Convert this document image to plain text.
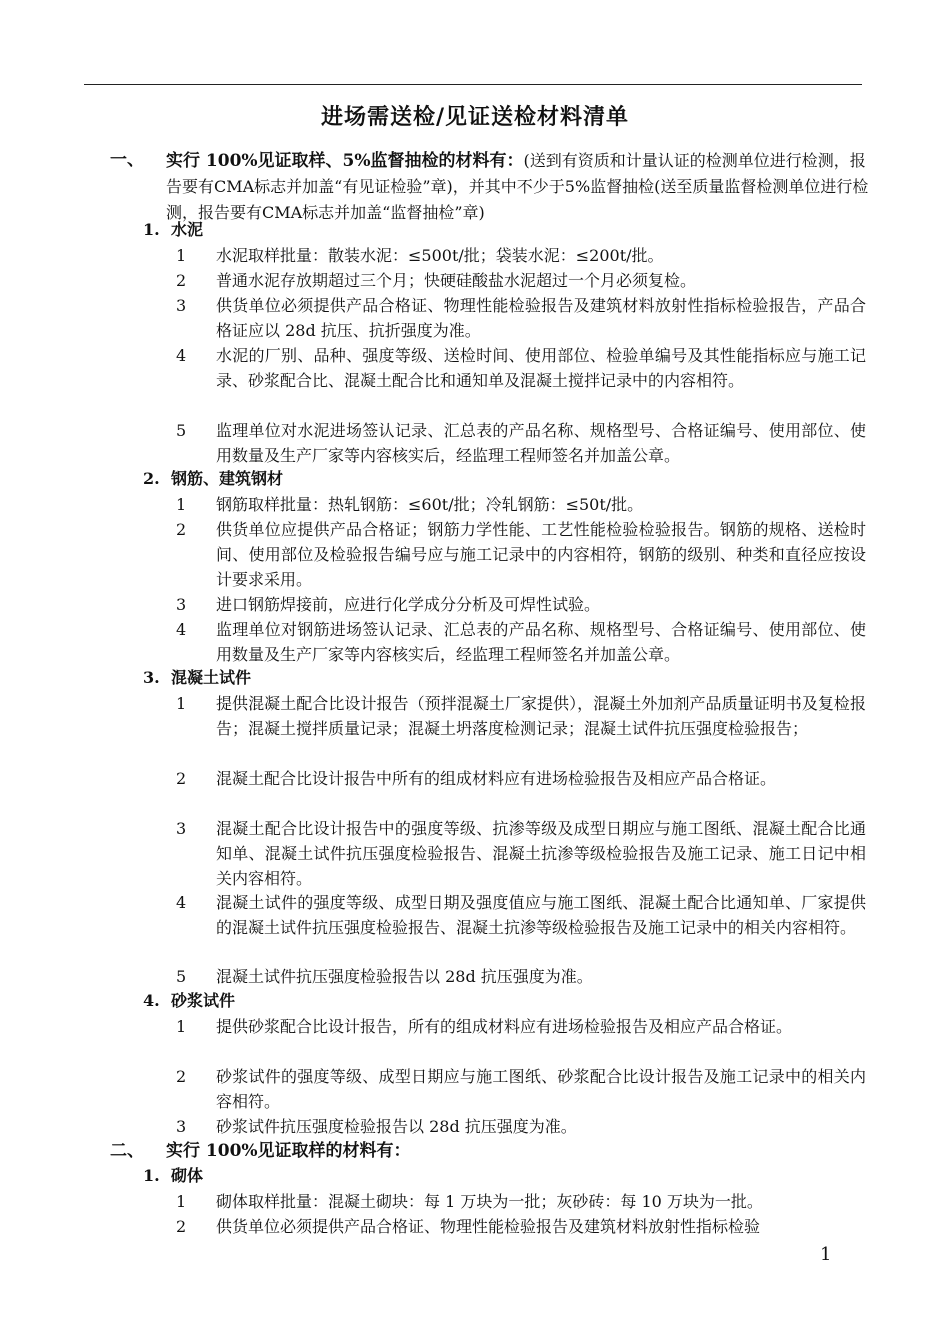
进场需送检/见证送检材料清单
一、 实行 100%见证取样、5%监督抽检的材料有：(送到有资质和计量认证的检测单位进行检测，报告要有CMA标志并加盖“有见证检验”章)，并其中不少于5%监督抽检(送至质量监督检测单位进行检测，报告要有CMA标志并加盖“监督抽检”章)
1. 水泥
1 水泥取样批量：散装水泥：≤500t/批；袋装水泥：≤200t/批。
2 普通水泥存放期超过三个月；快硬硅酸盐水泥超过一个月必须复检。
3 供货单位必须提供产品合格证、物理性能检验报告及建筑材料放射性指标检验报告，产品合格证应以 28d 抗压、抗折强度为准。
4 水泥的厂别、品种、强度等级、送检时间、使用部位、检验单编号及其性能指标应与施工记录、砂浆配合比、混凝土配合比和通知单及混凝土搅拌记录中的内容相符。
5 监理单位对水泥进场签认记录、汇总表的产品名称、规格型号、合格证编号、使用部位、使用数量及生产厂家等内容核实后，经监理工程师签名并加盖公章。
2. 钢筋、建筑钢材
1 钢筋取样批量：热轧钢筋：≤60t/批；冷轧钢筋：≤50t/批。
2 供货单位应提供产品合格证；钢筋力学性能、工艺性能检验检验报告。钢筋的规格、送检时间、使用部位及检验报告编号应与施工记录中的内容相符，钢筋的级别、种类和直径应按设计要求采用。
3 进口钢筋焊接前，应进行化学成分分析及可焊性试验。
4 监理单位对钢筋进场签认记录、汇总表的产品名称、规格型号、合格证编号、使用部位、使用数量及生产厂家等内容核实后，经监理工程师签名并加盖公章。
3. 混凝土试件
1 提供混凝土配合比设计报告（预拌混凝土厂家提供），混凝土外加剂产品质量证明书及复检报告；混凝土搅拌质量记录；混凝土坍落度检测记录；混凝土试件抗压强度检验报告；
2 混凝土配合比设计报告中所有的组成材料应有进场检验报告及相应产品合格证。
3 混凝土配合比设计报告中的强度等级、抗渗等级及成型日期应与施工图纸、混凝土配合比通知单、混凝土试件抗压强度检验报告、混凝土抗渗等级检验报告及施工记录、施工日记中相关内容相符。
4 混凝土试件的强度等级、成型日期及强度值应与施工图纸、混凝土配合比通知单、厂家提供的混凝土试件抗压强度检验报告、混凝土抗渗等级检验报告及施工记录中的相关内容相符。
5 混凝土试件抗压强度检验报告以 28d 抗压强度为准。
4. 砂浆试件
1 提供砂浆配合比设计报告，所有的组成材料应有进场检验报告及相应产品合格证。
2 砂浆试件的强度等级、成型日期应与施工图纸、砂浆配合比设计报告及施工记录中的相关内容相符。
3 砂浆试件抗压强度检验报告以 28d 抗压强度为准。
二、 实行 100%见证取样的材料有：
1. 砌体
1 砌体取样批量：混凝土砌块：每 1 万块为一批；灰砂砖：每 10 万块为一批。
2 供货单位必须提供产品合格证、物理性能检验报告及建筑材料放射性指标检验
1
